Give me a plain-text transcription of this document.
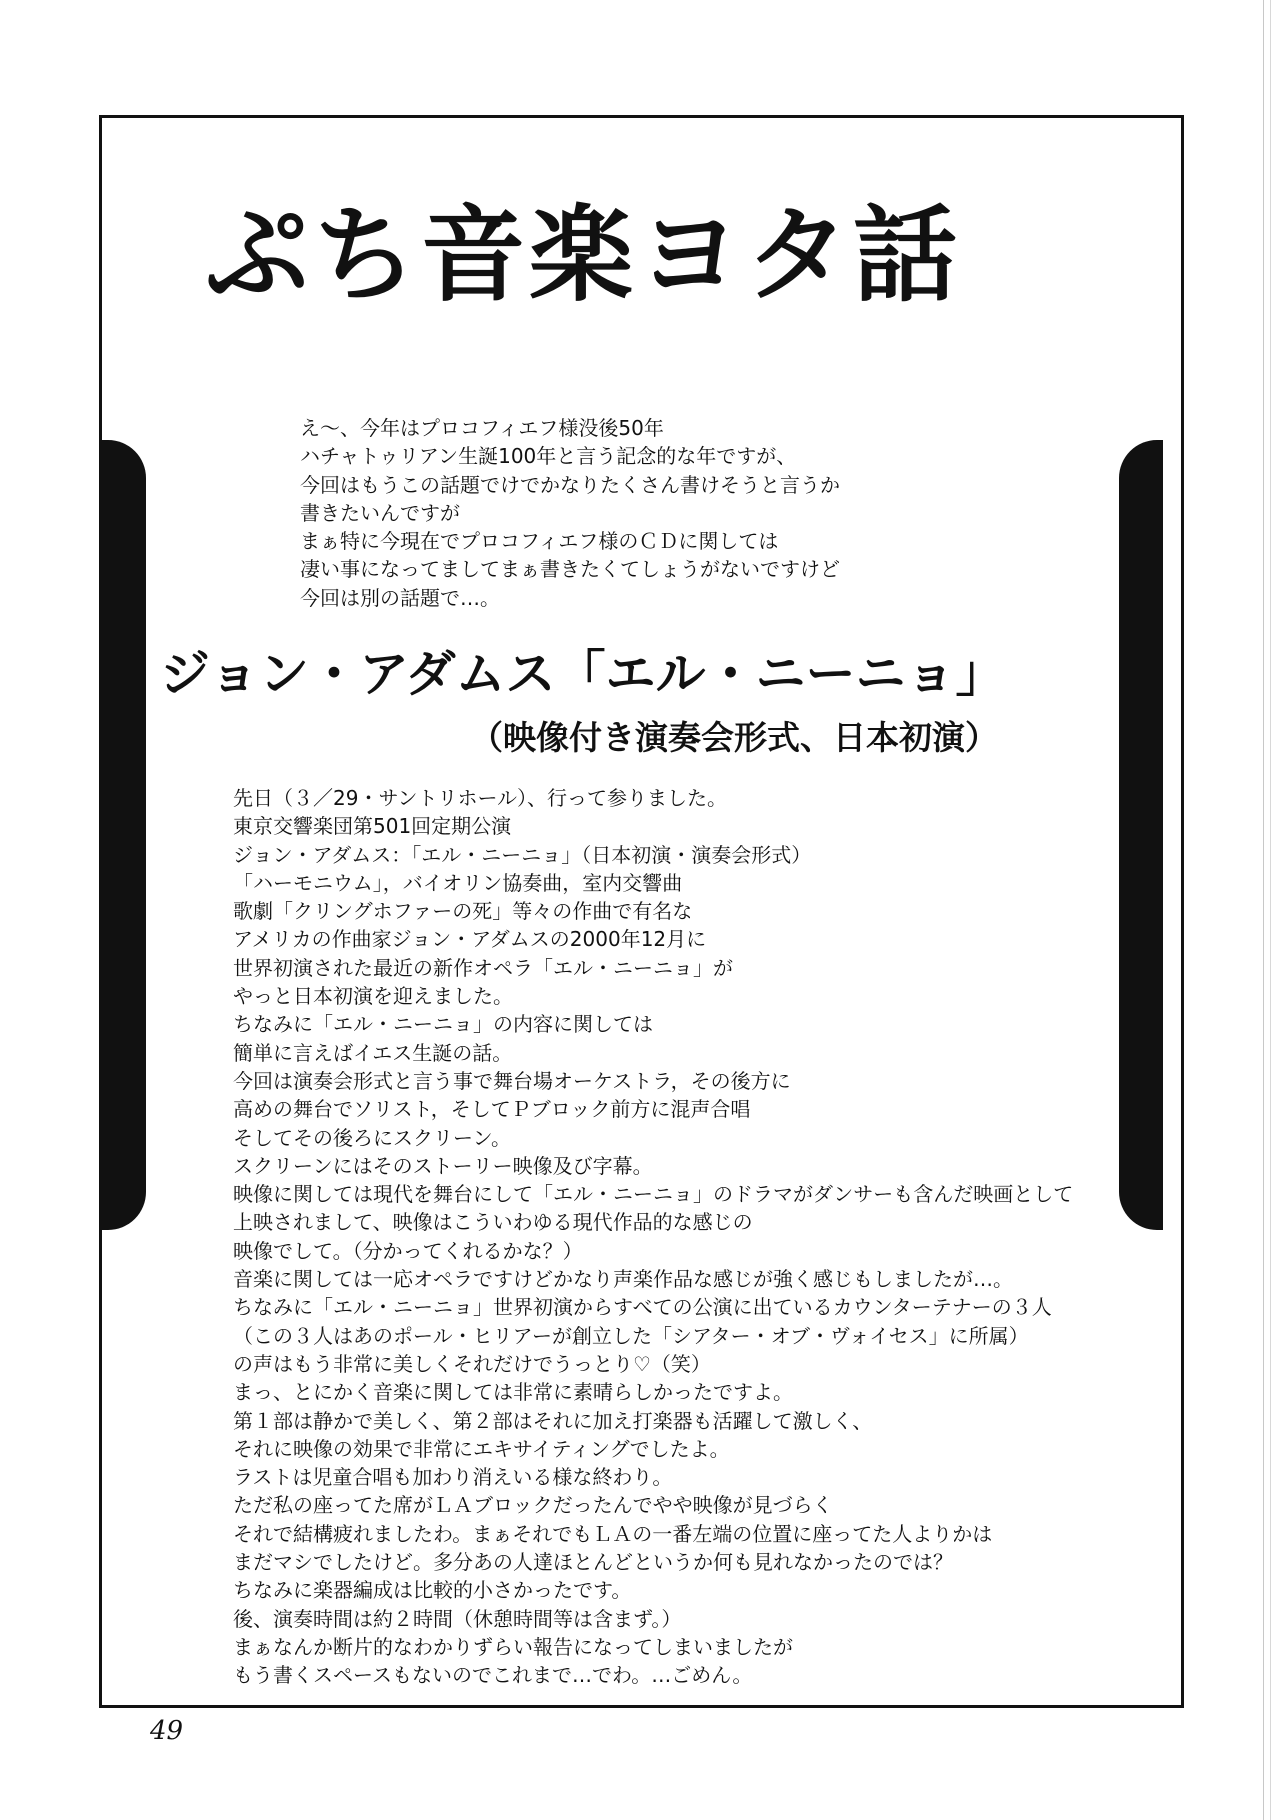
ぷち音楽ヨタ話
え～、今年はプロコフィエフ様没後50年
ハチャトゥリアン生誕100年と言う記念的な年ですが、
今回はもうこの話題でけでかなりたくさん書けそうと言うか
書きたいんですが
まぁ特に今現在でプロコフィエフ様のＣＤに関しては
凄い事になってましてまぁ書きたくてしょうがないですけど
今回は別の話題で…。
ジョン・アダムス「エル・ニーニョ」
（映像付き演奏会形式、日本初演）
先日（３／29・サントリホール）、行って参りました。
東京交響楽団第501回定期公演
ジョン・アダムス：「エル・ニーニョ」（日本初演・演奏会形式）
「ハーモニウム」，バイオリン協奏曲，室内交響曲
歌劇「クリングホファーの死」等々の作曲で有名な
アメリカの作曲家ジョン・アダムスの2000年12月に
世界初演された最近の新作オペラ「エル・ニーニョ」が
やっと日本初演を迎えました。
ちなみに「エル・ニーニョ」の内容に関しては
簡単に言えばイエス生誕の話。
今回は演奏会形式と言う事で舞台場オーケストラ，その後方に
高めの舞台でソリスト，そしてＰブロック前方に混声合唱
そしてその後ろにスクリーン。
スクリーンにはそのストーリー映像及び字幕。
映像に関しては現代を舞台にして「エル・ニーニョ」のドラマがダンサーも含んだ映画として
上映されまして、映像はこういわゆる現代作品的な感じの
映像でして。（分かってくれるかな？）
音楽に関しては一応オペラですけどかなり声楽作品な感じが強く感じもしましたが…。
ちなみに「エル・ニーニョ」世界初演からすべての公演に出ているカウンターテナーの３人
（この３人はあのポール・ヒリアーが創立した「シアター・オブ・ヴォイセス」に所属）
の声はもう非常に美しくそれだけでうっとり♡（笑）
まっ、とにかく音楽に関しては非常に素晴らしかったですよ。
第１部は静かで美しく、第２部はそれに加え打楽器も活躍して激しく、
それに映像の効果で非常にエキサイティングでしたよ。
ラストは児童合唱も加わり消えいる様な終わり。
ただ私の座ってた席がＬＡブロックだったんでやや映像が見づらく
それで結構疲れましたわ。まぁそれでもＬＡの一番左端の位置に座ってた人よりかは
まだマシでしたけど。多分あの人達ほとんどというか何も見れなかったのでは？
ちなみに楽器編成は比較的小さかったです。
後、演奏時間は約２時間（休憩時間等は含まず。）
まぁなんか断片的なわかりずらい報告になってしまいましたが
もう書くスペースもないのでこれまで…でわ。…ごめん。
49
